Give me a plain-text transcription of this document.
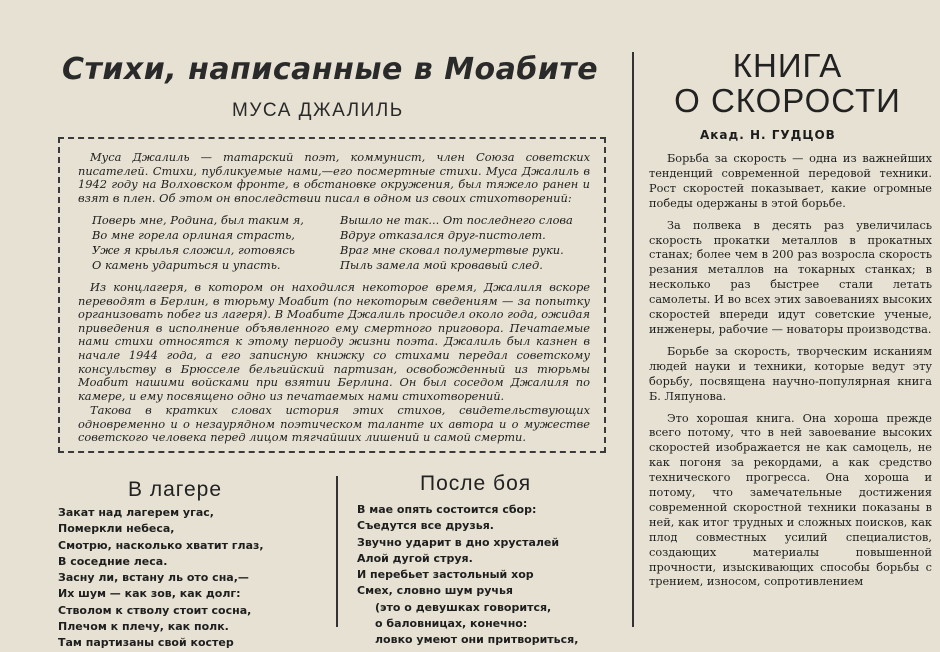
Стихи, написанные в Моабите
МУСА ДЖАЛИЛЬ

Муса Джалиль — татарский поэт, коммунист, член Союза советских писателей. Стихи, публикуемые нами,—его посмертные стихи. Муса Джалиль в 1942 году на Волховском фронте, в обстановке окружения, был тяжело ранен и взят в плен. Об этом он впоследствии писал в одном из своих стихотворений:

Поверь мне, Родина, был таким я,
Во мне горела орлиная страсть,
Уже я крылья сложил, готовясь
О камень удариться и упасть.
Вышло не так... От последнего слова
Вдруг отказался друг-пистолет.
Враг мне сковал полумертвые руки.
Пыль замела мой кровавый след.

Из концлагеря, в котором он находился некоторое время, Джалиля вскоре переводят в Берлин, в тюрьму Моабит (по некоторым сведениям — за попытку организовать побег из лагеря). В Моабите Джалиль просидел около года, ожидая приведения в исполнение объявленного ему смертного приговора. Печатаемые нами стихи относятся к этому периоду жизни поэта. Джалиль был казнен в начале 1944 года, а его записную книжку со стихами передал советскому консульству в Брюсселе бельгийский партизан, освобожденный из тюрьмы Моабит нашими войсками при взятии Берлина. Он был соседом Джалиля по камере, и ему посвящено одно из печатаемых нами стихотворений.

Такова в кратких словах история этих стихов, свидетельствующих одновременно и о незаурядном поэтическом таланте их автора и о мужестве советского человека перед лицом тягчайших лишений и самой смерти.

В лагере
Закат над лагерем угас,
Померкли небеса,
Смотрю, насколько хватит глаз,
В соседние леса.
Засну ли, встану ль ото сна,—
Их шум — как зов, как долг:
Стволом к стволу стоит сосна,
Плечом к плечу, как полк.
Там партизаны свой костер
После боя
В мае опять состоится сбор:
Съедутся все друзья.
Звучно ударит в дно хрусталей
Алой дугой струя.
И перебьет застольный хор
Смех, словно шум ручья
(это о девушках говорится,
о баловницах, конечно:
ловко умеют они притвориться,
КНИГА
О СКОРОСТИ
Акад. Н. ГУДЦОВ

Борьба за скорость — одна из важнейших тенденций современной передовой техники. Рост скоростей показывает, какие огромные победы одержаны в этой борьбе.

За полвека в десять раз увеличилась скорость прокатки металлов в прокатных станах; более чем в 200 раз возросла скорость резания металлов на токарных станках; в несколько раз быстрее стали летать самолеты. И во всех этих завоеваниях высоких скоростей впереди идут советские ученые, инженеры, рабочие — новаторы производства.

Борьбе за скорость, творческим исканиям людей науки и техники, которые ведут эту борьбу, посвящена научно-популярная книга Б. Ляпунова.

Это хорошая книга. Она хороша прежде всего потому, что в ней завоевание высоких скоростей изображается не как самоцель, не как погоня за рекордами, а как средство технического прогресса. Она хороша и потому, что замечательные достижения современной скоростной техники показаны в ней, как итог трудных и сложных поисков, как плод совместных усилий специалистов, создающих материалы повышенной прочности, изыскивающих способы борьбы с трением, износом, сопротивлением
